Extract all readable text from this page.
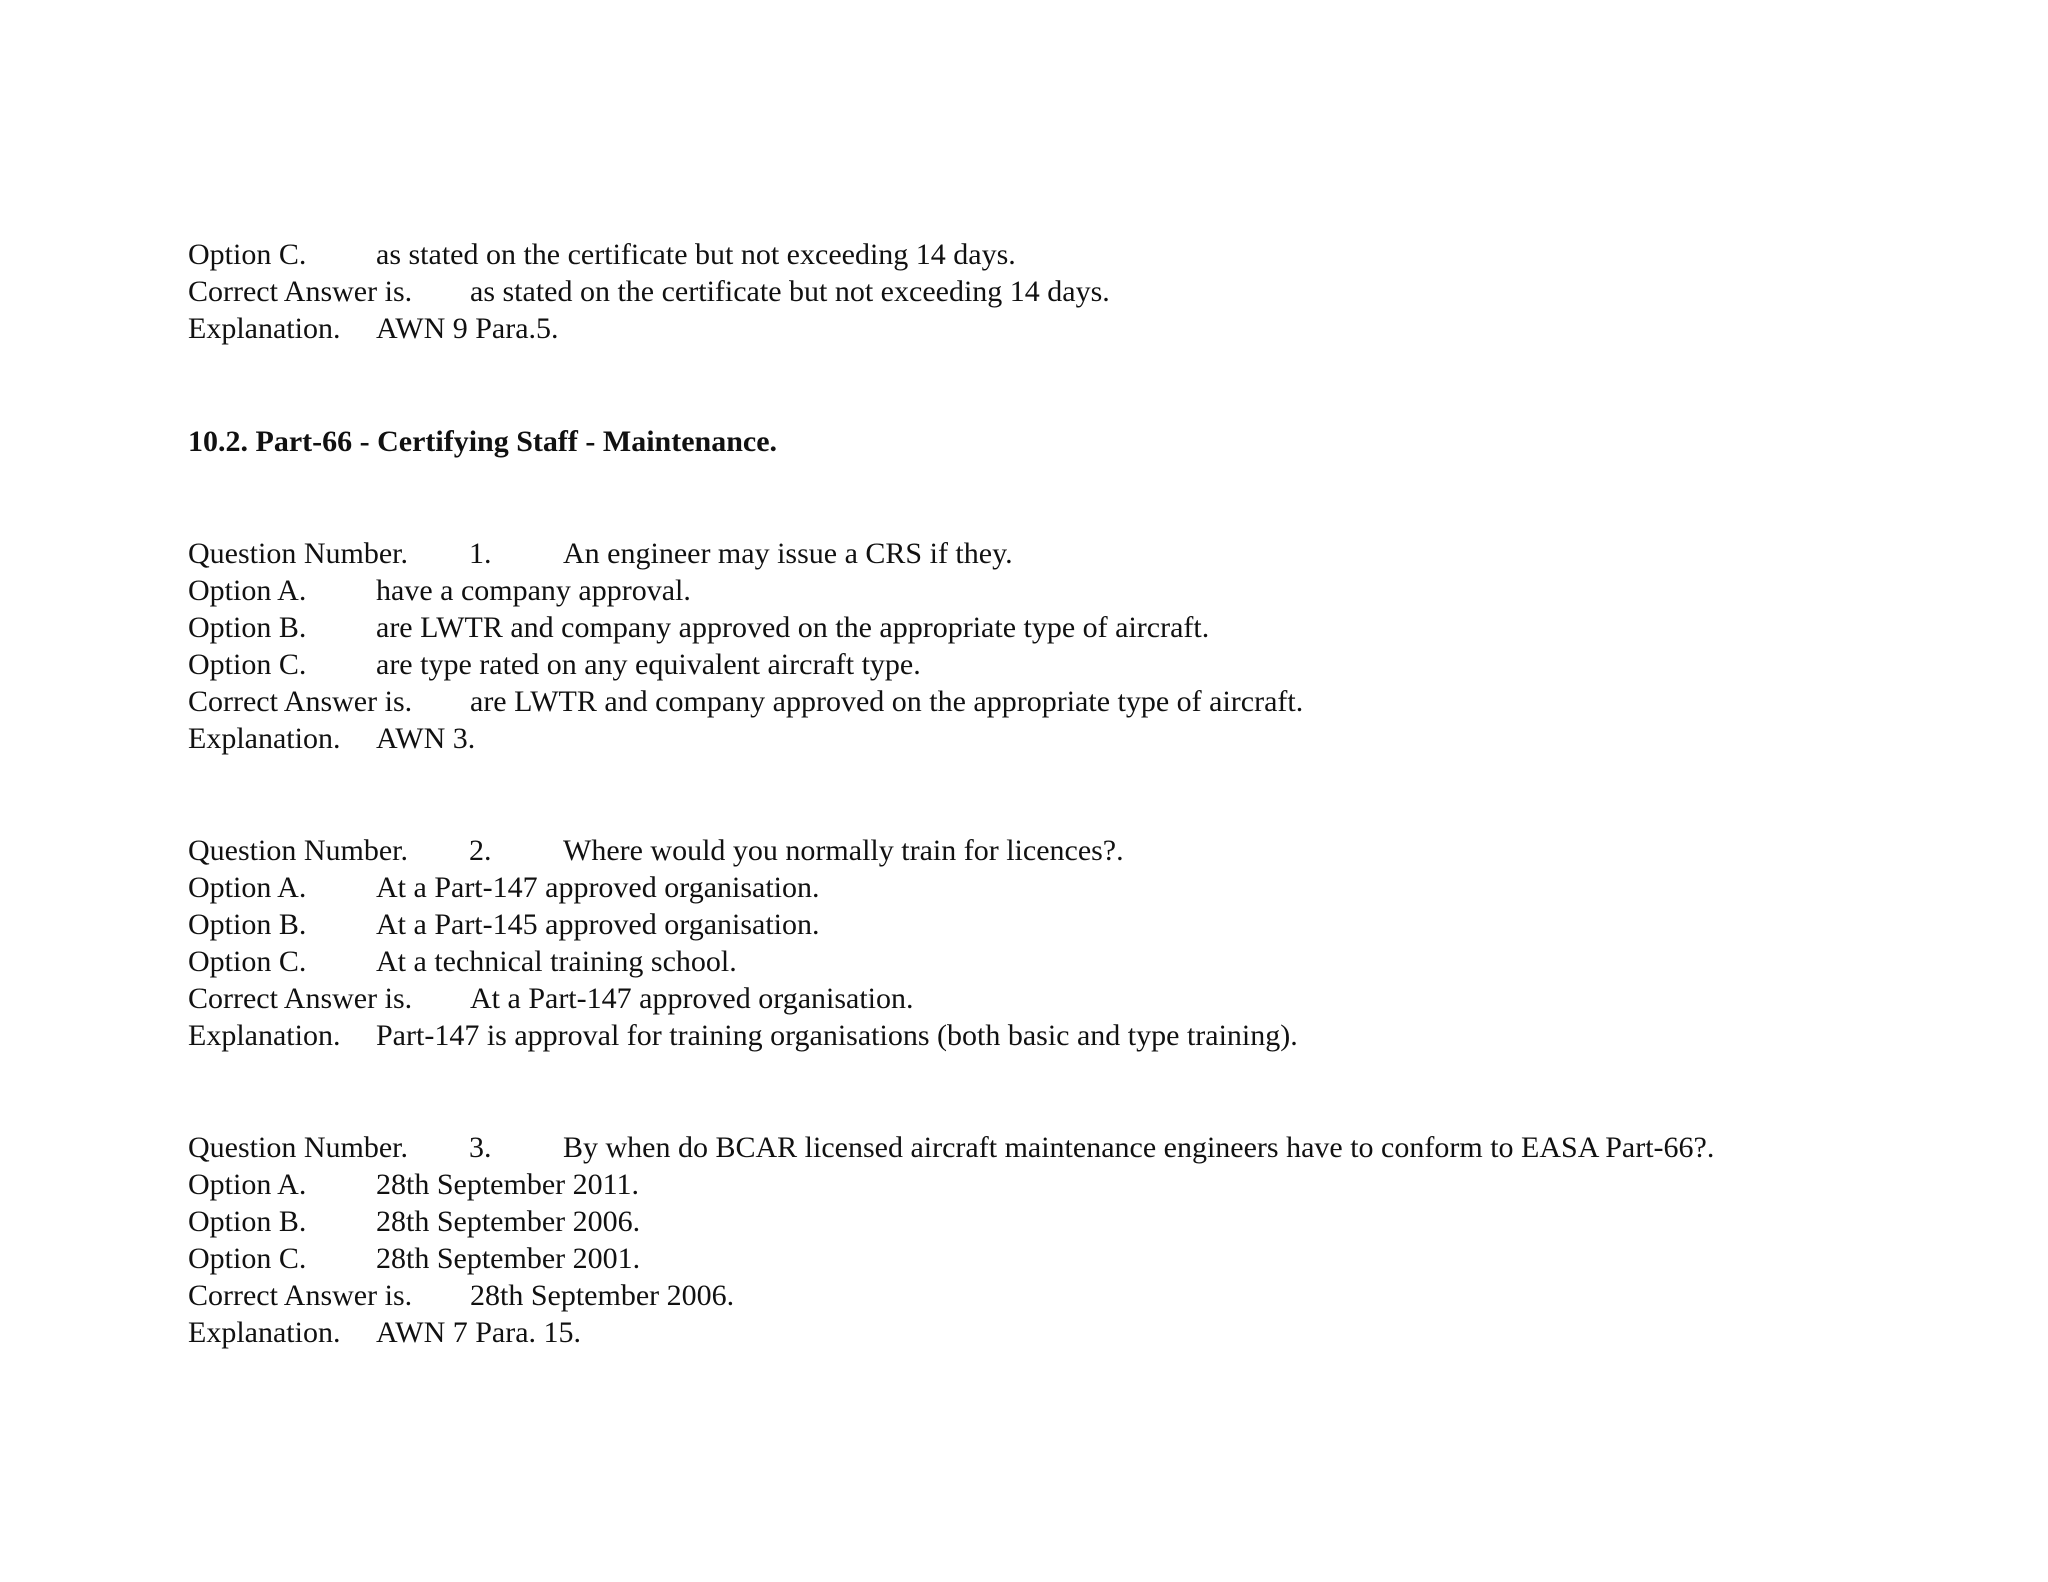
Option C. as stated on the certificate but not exceeding 14 days.
Correct Answer is. as stated on the certificate but not exceeding 14 days.
Explanation. AWN 9 Para.5.
10.2. Part-66 - Certifying Staff - Maintenance.
Question Number. 1. An engineer may issue a CRS if they.
Option A. have a company approval.
Option B. are LWTR and company approved on the appropriate type of aircraft.
Option C. are type rated on any equivalent aircraft type.
Correct Answer is. are LWTR and company approved on the appropriate type of aircraft.
Explanation. AWN 3.
Question Number. 2. Where would you normally train for licences?.
Option A. At a Part-147 approved organisation.
Option B. At a Part-145 approved organisation.
Option C. At a technical training school.
Correct Answer is. At a Part-147 approved organisation.
Explanation. Part-147 is approval for training organisations (both basic and type training).
Question Number. 3. By when do BCAR licensed aircraft maintenance engineers have to conform to EASA Part-66?.
Option A. 28th September 2011.
Option B. 28th September 2006.
Option C. 28th September 2001.
Correct Answer is. 28th September 2006.
Explanation. AWN 7 Para. 15.
